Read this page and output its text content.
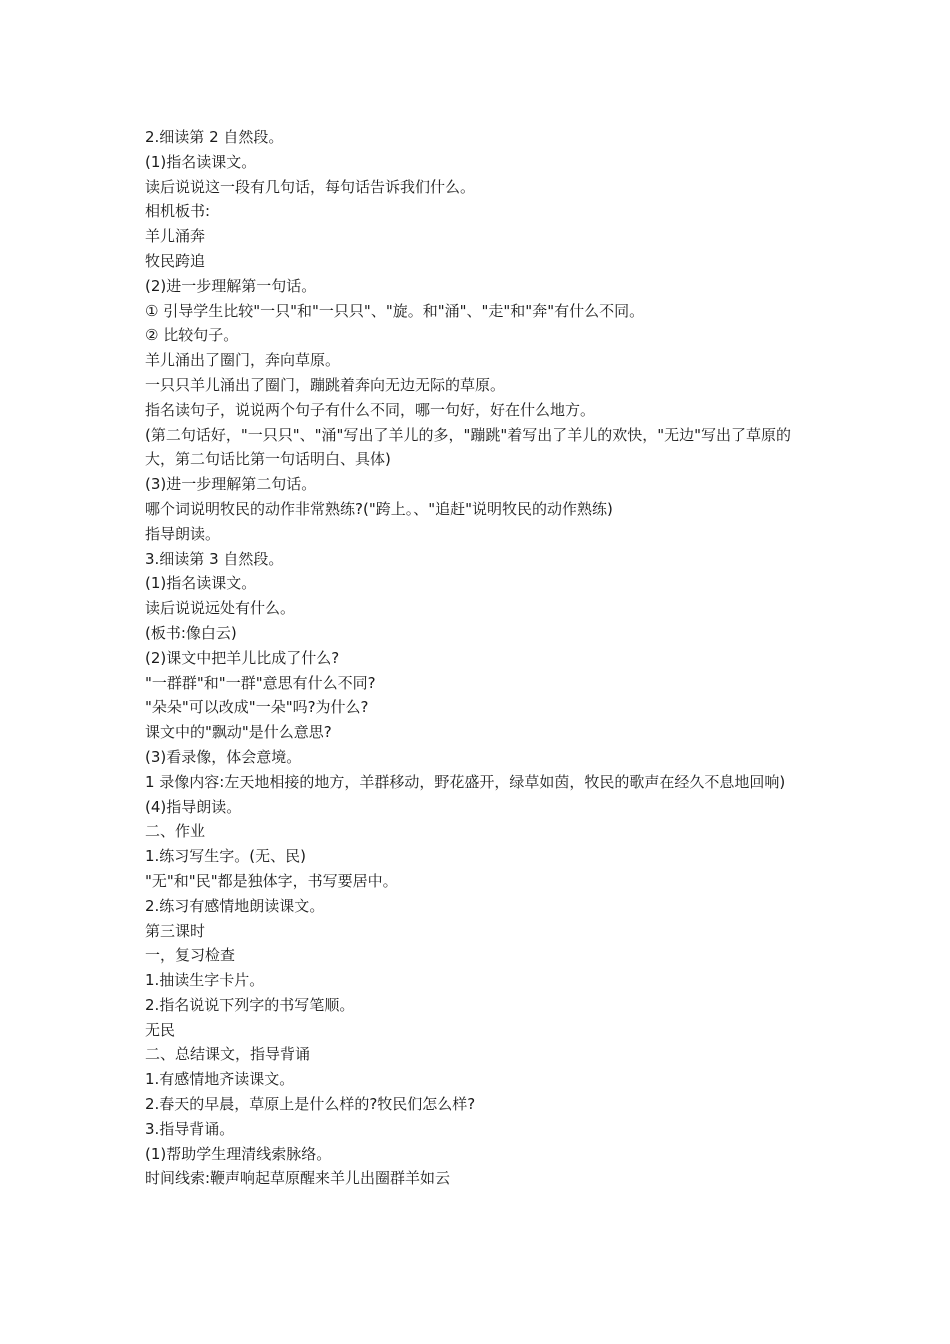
2.细读第 2 自然段。

(1)指名读课文。

读后说说这一段有几句话，每句话告诉我们什么。

相机板书:

羊儿涌奔

牧民跨追

(2)进一步理解第一句话。

① 引导学生比较"一只"和"一只只"、"旋。和"涌"、"走"和"奔"有什么不同。

② 比较句子。

羊儿涌出了圈门，奔向草原。

一只只羊儿涌出了圈门，蹦跳着奔向无边无际的草原。

指名读句子，说说两个句子有什么不同，哪一句好，好在什么地方。

(第二句话好，"一只只"、"涌"写出了羊儿的多，"蹦跳"着写出了羊儿的欢快，"无边"写出了草原的大，第二句话比第一句话明白、具体)

(3)进一步理解第二句话。

哪个词说明牧民的动作非常熟练?("跨上。、"追赶"说明牧民的动作熟练)

指导朗读。

3.细读第 3 自然段。

(1)指名读课文。

读后说说远处有什么。

(板书:像白云)

(2)课文中把羊儿比成了什么?

"一群群"和"一群"意思有什么不同?

"朵朵"可以改成"一朵"吗?为什么?

课文中的"飘动"是什么意思?

(3)看录像，体会意境。

1 录像内容:左天地相接的地方，羊群移动，野花盛开，绿草如茵，牧民的歌声在经久不息地回响)

(4)指导朗读。

二、作业

1.练习写生字。(无、民)

"无"和"民"都是独体字，书写要居中。

2.练习有感情地朗读课文。

第三课时

一，复习检查

1.抽读生字卡片。

2.指名说说下列字的书写笔顺。

无民

二、总结课文，指导背诵

1.有感情地齐读课文。

2.春天的早晨，草原上是什么样的?牧民们怎么样?

3.指导背诵。

(1)帮助学生理清线索脉络。

时间线索:鞭声响起草原醒来羊儿出圈群羊如云
